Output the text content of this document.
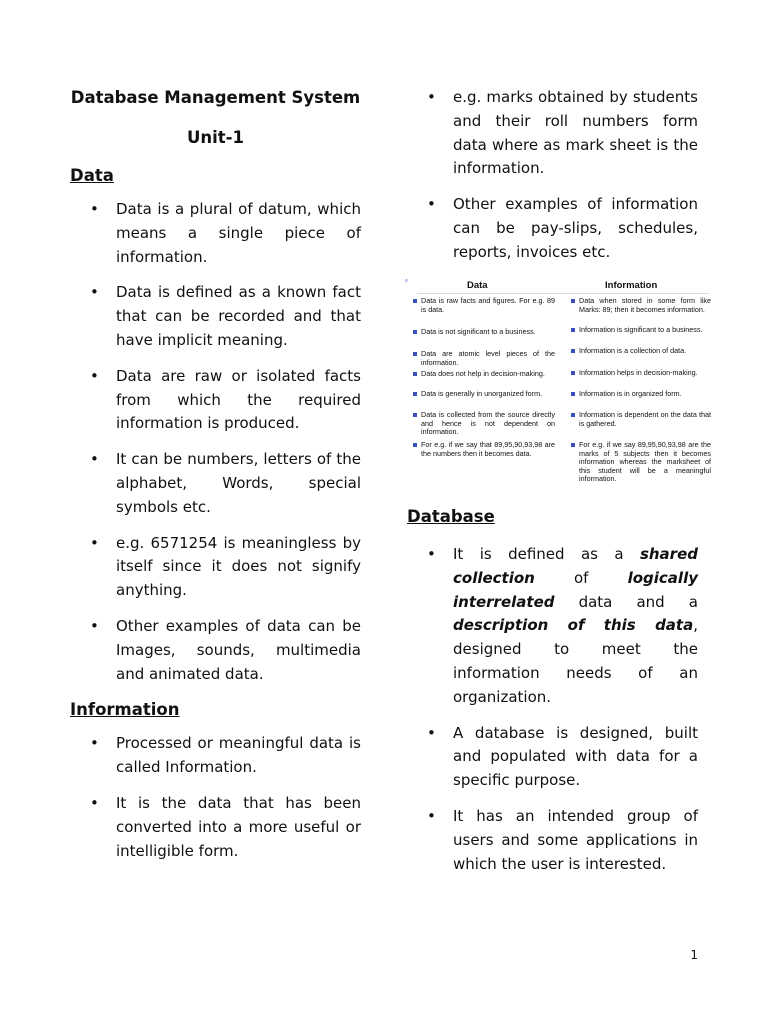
Database Management System
Unit-1
Data
• Data is a plural of datum, which means a single piece of information.
• Data is defined as a known fact that can be recorded and that have implicit meaning.
• Data are raw or isolated facts from which the required information is produced.
• It can be numbers, letters of the alphabet, Words, special symbols etc.
• e.g. 6571254 is meaningless by itself since it does not signify anything.
• Other examples of data can be Images, sounds, multimedia and animated data.
Information
• Processed or meaningful data is called Information.
• It is the data that has been converted into a more useful or intelligible form.
• e.g. marks obtained by students and their roll numbers form data where as mark sheet is the information.
• Other examples of information can be pay-slips, schedules, reports, invoices etc.
≡	Data	Information
Data is raw facts and figures. For e.g. 89 is data.
Data is not significant to a business.
Data are atomic level pieces of the information.
Data does not help in decision-making.
Data is generally in unorganized form.
Data is collected from the source directly and hence is not dependent on information.
For e.g. if we say that 89,95,90,93,98 are the numbers then it becomes data.
Data when stored in some form like Marks: 89; then it becomes information.
Information is significant to a business.
Information is a collection of data.
Information helps in decision-making.
Information is in organized form.
Information is dependent on the data that is gathered.
For e.g. if we say 89,95,90,93,98 are the marks of 5 subjects then it becomes information whereas the marksheet of this student will be a meaningful information.
Database
• It is defined as a shared collection of logically interrelated data and a description of this data, designed to meet the information needs of an organization.
• A database is designed, built and populated with data for a specific purpose.
• It has an intended group of users and some applications in which the user is interested.
1
